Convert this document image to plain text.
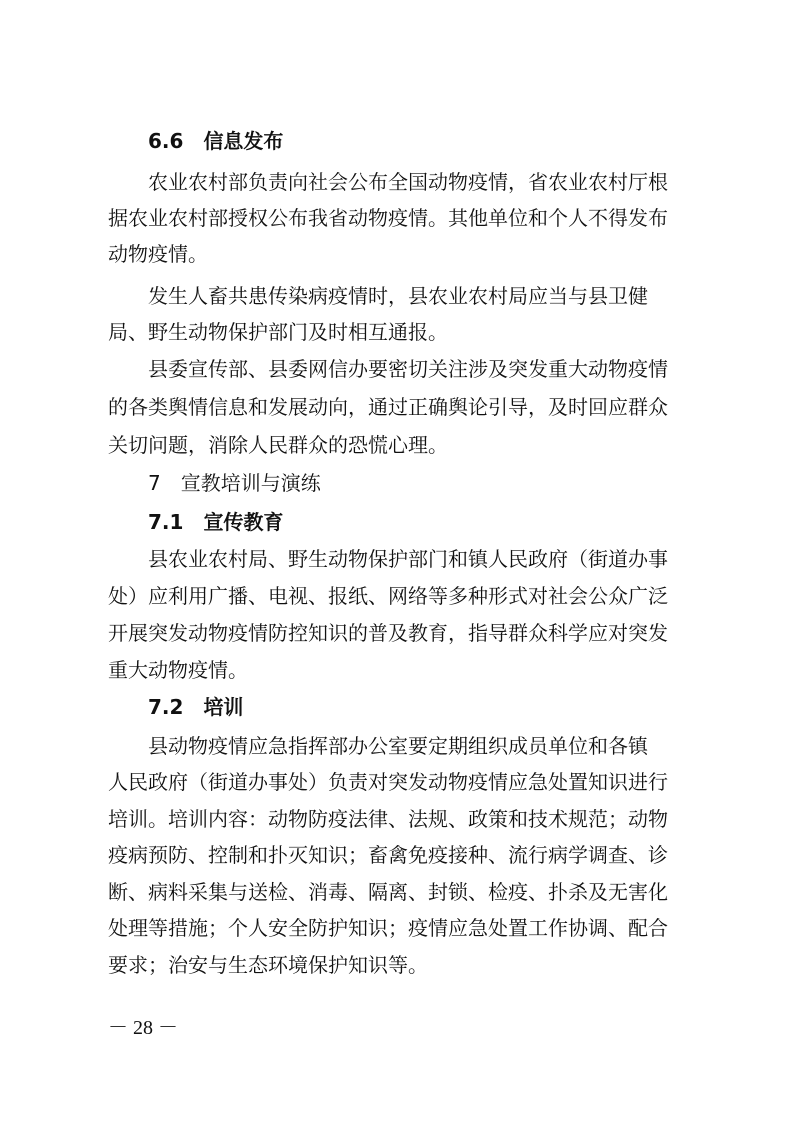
6.6 信息发布
农业农村部负责向社会公布全国动物疫情，省农业农村厅根
据农业农村部授权公布我省动物疫情。其他单位和个人不得发布
动物疫情。
发生人畜共患传染病疫情时，县农业农村局应当与县卫健
局、野生动物保护部门及时相互通报。
县委宣传部、县委网信办要密切关注涉及突发重大动物疫情
的各类舆情信息和发展动向，通过正确舆论引导，及时回应群众
关切问题，消除人民群众的恐慌心理。
7 宣教培训与演练
7.1 宣传教育
县农业农村局、野生动物保护部门和镇人民政府（街道办事
处）应利用广播、电视、报纸、网络等多种形式对社会公众广泛
开展突发动物疫情防控知识的普及教育，指导群众科学应对突发
重大动物疫情。
7.2 培训
县动物疫情应急指挥部办公室要定期组织成员单位和各镇
人民政府（街道办事处）负责对突发动物疫情应急处置知识进行
培训。培训内容：动物防疫法律、法规、政策和技术规范；动物
疫病预防、控制和扑灭知识；畜禽免疫接种、流行病学调查、诊
断、病料采集与送检、消毒、隔离、封锁、检疫、扑杀及无害化
处理等措施；个人安全防护知识；疫情应急处置工作协调、配合
要求；治安与生态环境保护知识等。
－ 28 －
